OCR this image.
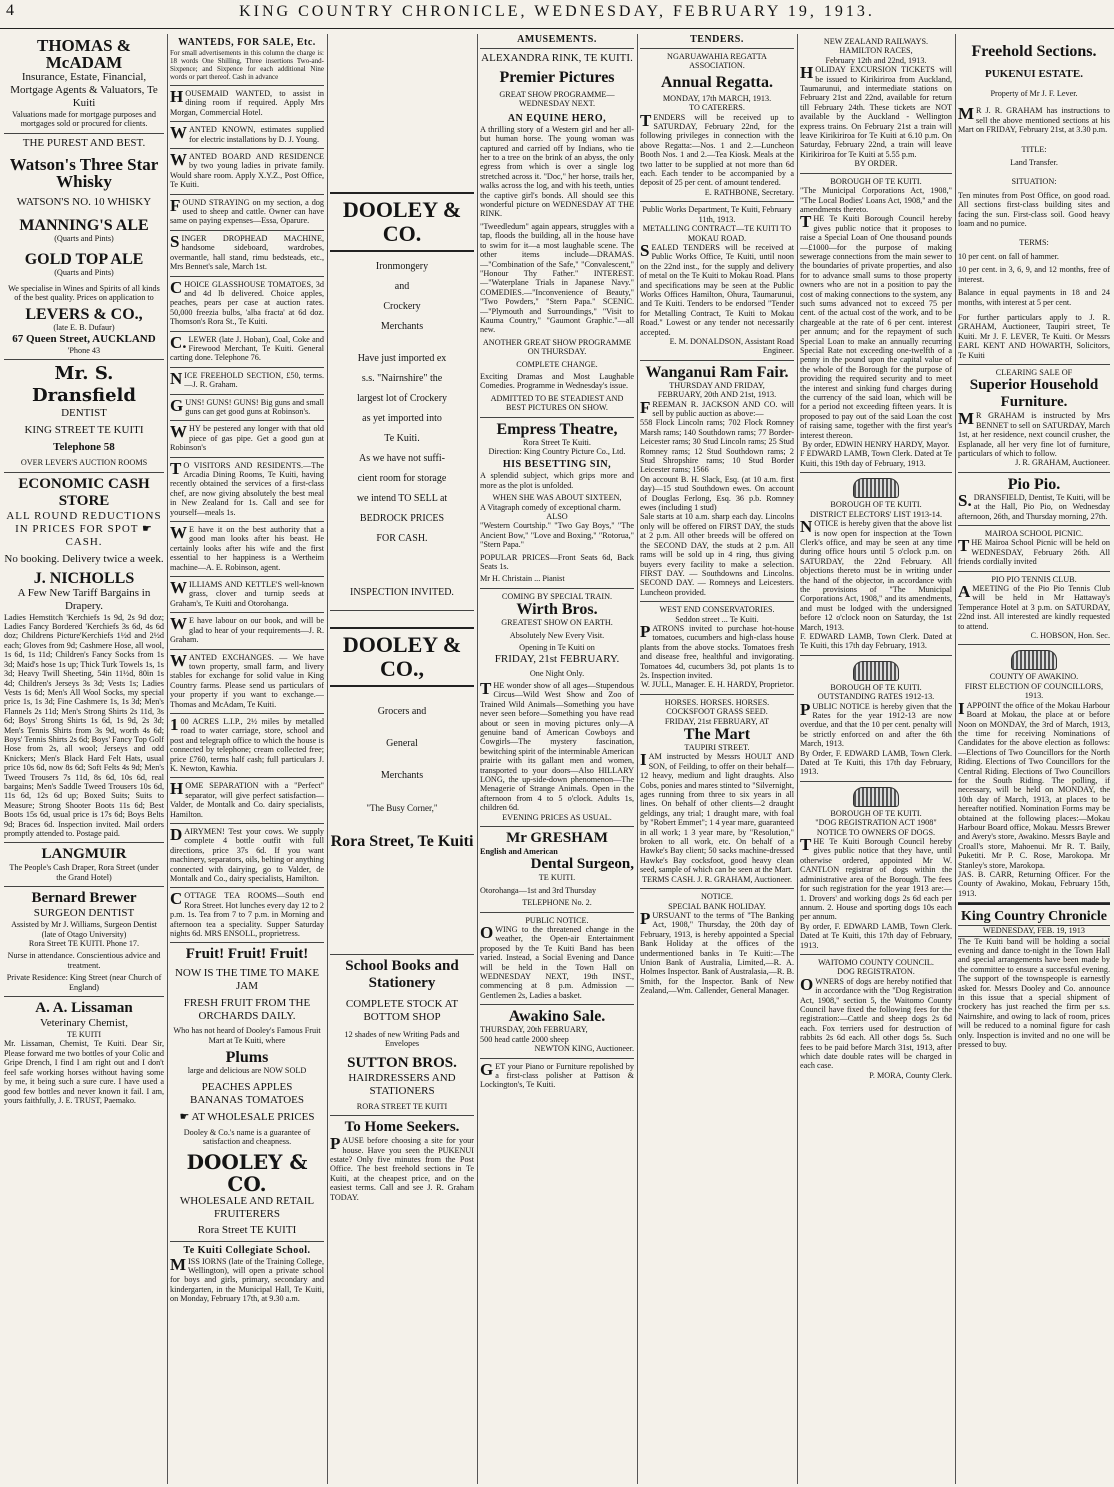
4	KING COUNTRY CHRONICLE, WEDNESDAY, FEBRUARY 19, 1913.
THOMAS & McADAM
Insurance, Estate, Financial, Mortgage Agents & Valuators, Te Kuiti
Valuations made for mortgage purposes and mortgages sold or procured for clients.
THE PUREST AND BEST.
Watson's Three Star Whisky
WATSON'S NO. 10 WHISKY
MANNING'S ALE
(Quarts and Pints)
GOLD TOP ALE
(Quarts and Pints)
We specialise in Wines and Spirits of all kinds of the best quality. Prices on application to
LEVERS & CO.,
(late E. B. Dufaur)
67 Queen Street, AUCKLAND
'Phone 43
Mr. S. Dransfield
DENTIST
KING STREET TE KUITI
Telephone 58
OVER LEVER'S AUCTION ROOMS
ECONOMIC CASH STORE
ALL ROUND REDUCTIONS IN PRICES FOR SPOT ☛ CASH.
No booking. Delivery twice a week.
J. NICHOLLS
A Few New Tariff Bargains in Drapery.
Ladies Hemstitch 'Kerchiefs 1s 9d, 2s 9d doz; Ladies Fancy Bordered 'Kerchiefs 3s 6d, 4s 6d doz; Childrens Picture'Kerchiefs 1½d and 2½d each; Gloves from 9d; Cashmere Hose, all wool, 1s 6d, 1s 11d; Children's Fancy Socks from 1s 3d; Maid's hose 1s up; Thick Turk Towels 1s, 1s 3d; Heavy Twill Sheeting, 54in 11½d, 80in 1s 4d; Children's Jerseys 3s 3d; Vests 1s; Ladies Vests 1s 6d; Men's All Wool Socks, my special price 1s, 1s 3d; Fine Cashmere 1s, 1s 3d; Men's Flannels 2s 11d; Men's Strong Shirts 2s 11d, 3s 6d; Boys' Strong Shirts 1s 6d, 1s 9d, 2s 3d; Men's Tennis Shirts from 3s 9d, worth 4s 6d; Boys' Tennis Shirts 2s 6d; Boys' Fancy Top Golf Hose from 2s, all wool; Jerseys and odd Knickers; Men's Black Hard Felt Hats, usual price 10s 6d, now 8s 6d; Soft Felts 4s 9d; Men's Tweed Trousers 7s 11d, 8s 6d, 10s 6d, real bargains; Men's Saddle Tweed Trousers 10s 6d, 11s 6d, 12s 6d up; Boxed Suits; Suits to Measure; Strong Shooter Boots 11s 6d; Best Boots 15s 6d, usual price is 17s 6d; Boys Belts 9d; Braces 6d. Inspection invited. Mail orders promptly attended to. Postage paid.
LANGMUIR
The People's Cash Draper, Rora Street (under the Grand Hotel)
Bernard Brewer
SURGEON DENTIST
Assisted by Mr J. Williams, Surgeon Dentist (late of Otago University)
Rora Street TE KUITI. Phone 17.
Nurse in attendance. Conscientious advice and treatment.
Private Residence: King Street (near Church of England)
A. A. Lissaman
Veterinary Chemist,
TE KUITI
Mr. Lissaman, Chemist, Te Kuiti. Dear Sir, Please forward me two bottles of your Colic and Gripe Drench, I find I am right out and I don't feel safe working horses without having some by me, it being such a sure cure. I have used a good few bottles and never known it fail. I am, yours faithfully, J. E. TRUST, Paemako.
WANTEDS, FOR SALE, Etc.
For small advertisements in this column the charge is: 18 words One Shilling, Three insertions Two-and-Sixpence; and Sixpence for each additional Nine words or part thereof. Cash in advance
HOUSEMAID WANTED, to assist in dining room if required. Apply Mrs Morgan, Commercial Hotel.
WANTED KNOWN, estimates supplied for electric installations by D. J. Young.
WANTED BOARD AND RESIDENCE by two young ladies in private family. Would share room. Apply X.Y.Z., Post Office, Te Kuiti.
FOUND STRAYING on my section, a dog used to sheep and cattle. Owner can have same on paying expenses—Essa, Oparure.
SINGER DROPHEAD MACHINE, handsome sideboard, wardrobes, overmantle, hall stand, rimu bedsteads, etc., Mrs Bennet's sale, March 1st.
CHOICE GLASSHOUSE TOMATOES, 3d and 4d lb delivered. Choice apples, peaches, pears per case at auction rates. 50,000 freezia bulbs, 'alba fracta' at 6d doz. Thomson's Rora St., Te Kuiti.
C.LEWER (late J. Hoban), Coal, Coke and Firewood Merchant, Te Kuiti. General carting done. Telephone 76.
NICE FREEHOLD SECTION, £50, terms.—J. R. Graham.
GUNS! GUNS! GUNS! Big guns and small guns can get good guns at Robinson's.
WHY be pestered any longer with that old piece of gas pipe. Get a good gun at Robinson's
TO VISITORS AND RESIDENTS.—The Arcadia Dining Rooms, Te Kuiti, having recently obtained the services of a first-class chef, are now giving absolutely the best meal in New Zealand for 1s. Call and see for yourself—meals 1s.
WE have it on the best authority that a good man looks after his beast. He certainly looks after his wife and the first essential to her happiness is a Wertheim machine—A. E. Robinson, agent.
WILLIAMS AND KETTLE'S well-known grass, clover and turnip seeds at Graham's, Te Kuiti and Otorohanga.
WE have labour on our book, and will be glad to hear of your requirements—J. R. Graham.
WANTED EXCHANGES. — We have town property, small farm, and livery stables for exchange for solid value in King Country farms. Please send us particulars of your property if you want to exchange.—Thomas and McAdam, Te Kuiti.
100 ACRES L.I.P., 2½ miles by metalled road to water carriage, store, school and post and telegraph office to which the house is connected by telephone; cream collected free; price £760, terms half cash; full particulars J. K. Newton, Kawhia.
HOME SEPARATION with a "Perfect" separator, will give perfect satisfaction—Valder, de Montalk and Co. dairy specialists, Hamilton.
DAIRYMEN! Test your cows. We supply complete 4 bottle outfit with full directions, price 37s 6d. If you want machinery, separators, oils, belting or anything connected with dairying, go to Valder, de Montalk and Co., dairy specialists, Hamilton.
COTTAGE TEA ROOMS—South end Rora Street. Hot lunches every day 12 to 2 p.m. 1s. Tea from 7 to 7 p.m. in Morning and afternoon tea a speciality. Supper Saturday nights 6d. MRS ENSOLL, proprietress.
Fruit! Fruit! Fruit!
NOW IS THE TIME TO MAKE JAM
FRESH FRUIT FROM THE ORCHARDS DAILY.
Who has not heard of Dooley's Famous Fruit Mart at Te Kuiti, where
Plums
large and delicious are NOW SOLD
PEACHES APPLES
BANANAS TOMATOES
☛ AT WHOLESALE PRICES
Dooley & Co.'s name is a guarantee of satisfaction and cheapness.
DOOLEY & CO.
WHOLESALE AND RETAIL FRUITERERS
Rora Street TE KUITI
Te Kuiti Collegiate School.
MISS IORNS (late of the Training College, Wellington), will open a private school for boys and girls, primary, secondary and kindergarten, in the Municipal Hall, Te Kuiti, on Monday, February 17th, at 9.30 a.m.
DOOLEY & CO.
Ironmongery
and
Crockery
Merchants
Have just imported ex
s.s. "Nairnshire" the
largest lot of Crockery
as yet imported into
Te Kuiti.
As we have not suffi-
cient room for storage
we intend TO SELL at
BEDROCK PRICES
FOR CASH.
INSPECTION INVITED.
DOOLEY & CO.,
Grocers and
General
Merchants
"The Busy Corner,"
Rora Street, Te Kuiti
School Books and Stationery
COMPLETE STOCK AT BOTTOM SHOP
12 shades of new Writing Pads and Envelopes
SUTTON BROS.
HAIRDRESSERS AND STATIONERS
RORA STREET TE KUITI
To Home Seekers.
PAUSE before choosing a site for your house. Have you seen the PUKENUI estate? Only five minutes from the Post Office. The best freehold sections in Te Kuiti, at the cheapest price, and on the easiest terms. Call and see J. R. Graham TODAY.
AMUSEMENTS.
ALEXANDRA RINK, TE KUITI.
Premier Pictures
GREAT SHOW PROGRAMME—WEDNESDAY NEXT.
AN EQUINE HERO,
A thrilling story of a Western girl and her all-but human horse. The young woman was captured and carried off by Indians, who tie her to a tree on the brink of an abyss, the only egress from which is over a single log stretched across it. "Doc," her horse, trails her, walks across the log, and with his teeth, unties the captive girl's bonds. All should see this wonderful picture on WEDNESDAY AT THE RINK.
"Tweedledum" again appears, struggles with a tap, floods the building, all in the house have to swim for it—a most laughable scene. The other items include—DRAMAS.—"Combination of the Safe," "Convalescent," "Honour Thy Father." INTEREST.—"Waterplane Trials in Japanese Navy." COMEDIES.—"Inconvenience of Beauty," "Two Powders," "Stern Papa." SCENIC.—"Plymouth and Surroundings," "Visit to Kauma Country," "Gaumont Graphic."—all new.
ANOTHER GREAT SHOW PROGRAMME ON THURSDAY.
COMPLETE CHANGE.
Exciting Dramas and Most Laughable Comedies. Programme in Wednesday's issue.
ADMITTED TO BE STEADIEST AND BEST PICTURES ON SHOW.
Empress Theatre,
Rora Street Te Kuiti.
Direction: King Country Picture Co., Ltd.
HIS BESETTING SIN,
A splendid subject, which grips more and more as the plot is unfolded.
WHEN SHE WAS ABOUT SIXTEEN,
A Vitagraph comedy of exceptional charm.
ALSO
"Western Courtship." "Two Gay Boys," "The Ancient Bow," "Love and Boxing," "Rotorua," "Stern Papa."
POPULAR PRICES—Front Seats 6d, Back Seats 1s.
Mr H. Christain ... Pianist
COMING BY SPECIAL TRAIN.
Wirth Bros.
GREATEST SHOW ON EARTH.
Absolutely New Every Visit.
Opening in Te Kuiti on
FRIDAY, 21st FEBRUARY.
One Night Only.
THE wonder show of all ages—Stupendous Circus—Wild West Show and Zoo of Trained Wild Animals—Something you have never seen before—Something you have read about or seen in moving pictures only—A genuine band of American Cowboys and Cowgirls—The mystery fascination, bewitching spirit of the interminable American prairie with its gallant men and women, transported to your doors—Also HILLARY LONG, the up-side-down phenomenon—The Menagerie of Strange Animals. Open in the afternoon from 4 to 5 o'clock. Adults 1s, children 6d.
EVENING PRICES AS USUAL.
Mr GRESHAM
English and American
Dental Surgeon,
TE KUITI.
Otorohanga—1st and 3rd Thursday
TELEPHONE No. 2.
PUBLIC NOTICE.
OWING to the threatened change in the weather, the Open-air Entertainment proposed by the Te Kuiti Band has been varied. Instead, a Social Evening and Dance will be held in the Town Hall on WEDNESDAY NEXT, 19th INST., commencing at 8 p.m. Admission — Gentlemen 2s, Ladies a basket.
Awakino Sale.
THURSDAY, 20th FEBRUARY,
500 head cattle 2000 sheep
NEWTON KING, Auctioneer.
GET your Piano or Furniture repolished by a first-class polisher at Pattison & Lockington's, Te Kuiti.
TENDERS.
NGARUAWAHIA REGATTA ASSOCIATION.
Annual Regatta.
MONDAY, 17th MARCH, 1913.
TO CATERERS.
TENDERS will be received up to SATURDAY, February 22nd, for the following privileges in connection with the above Regatta:—Nos. 1 and 2.—Luncheon Booth Nos. 1 and 2.—Tea Kiosk. Meals at the two latter to be supplied at not more than 6d each. Each tender to be accompanied by a deposit of 25 per cent. of amount tendered.
E. RATHBONE, Secretary.
Public Works Department, Te Kuiti, February 11th, 1913.
METALLING CONTRACT—TE KUITI TO MOKAU ROAD.
SEALED TENDERS will be received at Public Works Office, Te Kuiti, until noon on the 22nd inst., for the supply and delivery of metal on the Te Kuiti to Mokau Road. Plans and specifications may be seen at the Public Works Offices Hamilton, Ohura, Taumarunui, and Te Kuiti. Tenders to be endorsed "Tender for Metalling Contract, Te Kuiti to Mokau Road." Lowest or any tender not necessarily accepted.
E. M. DONALDSON, Assistant Road Engineer.
Wanganui Ram Fair.
THURSDAY AND FRIDAY,
FEBRUARY, 20th AND 21st, 1913.
FREEMAN R. JACKSON AND CO. will sell by public auction as above:—
558 Flock Lincoln rams; 702 Flock Romney Marsh rams; 140 Southdown rams; 77 Border-Leicester rams; 30 Stud Lincoln rams; 25 Stud Romney rams; 12 Stud Southdown rams; 2 Stud Shropshire rams; 10 Stud Border Leicester rams; 1566
On account B. H. Slack, Esq. (at 10 a.m. first day)—15 stud Southdown ewes. On account of Douglas Ferlong, Esq. 36 p.b. Romney ewes (including 1 stud)
Sale starts at 10 a.m. sharp each day. Lincolns only will be offered on FIRST DAY, the studs at 2 p.m. All other breeds will be offered on the SECOND DAY, the studs at 2 p.m. All rams will be sold up in 4 ring, thus giving buyers every facility to make a selection. FIRST DAY. — Southdowns and Lincolns. SECOND DAY. — Romneys and Leicesters. Luncheon provided.
WEST END CONSERVATORIES.
Seddon street ... Te Kuiti.
PATRONS invited to purchase hot-house tomatoes, cucumbers and high-class house plants from the above stocks. Tomatoes fresh and disease free, healthful and invigorating. Tomatoes 4d, cucumbers 3d, pot plants 1s to 2s. Inspection invited.
W. JULL, Manager. E. H. HARDY, Proprietor.
HORSES. HORSES. HORSES.
COCKSFOOT GRASS SEED.
FRIDAY, 21st FEBRUARY, AT
The Mart
TAUPIRI STREET.
IAM instructed by Messrs HOULT AND SON, of Feilding, to offer on their behalf—12 heavy, medium and light draughts. Also Cobs, ponies and mares stinted to "Silvernight, ages running from three to six years in all lines. On behalf of other clients—2 draught geldings, any trial; 1 draught mare, with foal by "Robert Emmet"; 1 4 year mare, guaranteed in all work; 1 3 year mare, by "Resolution," broken to all work, etc. On behalf of a Hawke's Bay client; 50 sacks machine-dressed Hawke's Bay cocksfoot, good heavy clean seed, sample of which can be seen at the Mart.
TERMS CASH. J. R. GRAHAM, Auctioneer.
NOTICE.
SPECIAL BANK HOLIDAY.
PURSUANT to the terms of "The Banking Act, 1908," Thursday, the 20th day of February, 1913, is hereby appointed a Special Bank Holiday at the offices of the undermentioned banks in Te Kuiti:—The Union Bank of Australia, Limited,—R. A. Holmes Inspector. Bank of Australasia,—R. B. Smith, for the Inspector. Bank of New Zealand,—Wm. Callender, General Manager.
NEW ZEALAND RAILWAYS.
HAMILTON RACES,
February 12th and 22nd, 1913.
HOLIDAY EXCURSION TICKETS will be issued to Kirikiriroa from Auckland, Taumarunui, and intermediate stations on February 21st and 22nd, available for return till February 24th. These tickets are NOT available by the Auckland - Wellington express trains. On February 21st a train will leave Kirikiriroa for Te Kuiti at 6.10 p.m. On Saturday, February 22nd, a train will leave Kirikiriroa for Te Kuiti at 5.55 p.m.
BY ORDER.
BOROUGH OF TE KUITI.
"The Municipal Corporations Act, 1908," "The Local Bodies' Loans Act, 1908," and the amendments thereto.
THE Te Kuiti Borough Council hereby gives public notice that it proposes to raise a Special Loan of One thousand pounds—£1000—for the purpose of making sewerage connections from the main sewer to the boundaries of private properties, and also for to advance small sums to those property owners who are not in a position to pay the cost of making connections to the system, any such sums advanced not to exceed 75 per cent. of the actual cost of the work, and to be chargeable at the rate of 6 per cent. interest per annum; and for the repayment of such Special Loan to make an annually recurring Special Rate not exceeding one-twelfth of a penny in the pound upon the capital value of the whole of the Borough for the purpose of providing the required security and to meet the interest and sinking fund charges during the currency of the said loan, which will be for a period not exceeding fifteen years. It is proposed to pay out of the said Loan the cost of raising same, together with the first year's interest thereon.
By order, EDWIN HENRY HARDY, Mayor.
F EDWARD LAMB, Town Clerk. Dated at Te Kuiti, this 19th day of February, 1913.
BOROUGH OF TE KUITI.
DISTRICT ELECTORS' LIST 1913-14.
NOTICE is hereby given that the above list is now open for inspection at the Town Clerk's office, and may be seen at any time during office hours until 5 o'clock p.m. on SATURDAY, the 22nd February. All objections thereto must be in writing under the hand of the objector, in accordance with the provisions of "The Municipal Corporations Act, 1908," and its amendments, and must be lodged with the undersigned before 12 o'clock noon on Saturday, the 1st March, 1913.
F. EDWARD LAMB, Town Clerk. Dated at Te Kuiti, this 17th day February, 1913.
BOROUGH OF TE KUITI.
OUTSTANDING RATES 1912-13.
PUBLIC NOTICE is hereby given that the Rates for the year 1912-13 are now overdue, and that the 10 per cent. penalty will be strictly enforced on and after the 6th March, 1913.
By Order, F. EDWARD LAMB, Town Clerk. Dated at Te Kuiti, this 17th day February, 1913.
BOROUGH OF TE KUITI.
"DOG REGISTRATION ACT 1908"
NOTICE TO OWNERS OF DOGS.
THE Te Kuiti Borough Council hereby gives public notice that they have, until otherwise ordered, appointed Mr W. CANTLON registrar of dogs within the administrative area of the Borough. The fees for such registration for the year 1913 are:—1. Drovers' and working dogs 2s 6d each per annum. 2. House and sporting dogs 10s each per annum.
By order, F. EDWARD LAMB, Town Clerk. Dated at Te Kuiti, this 17th day of February, 1913.
WAITOMO COUNTY COUNCIL.
DOG REGISTRATON.
OWNERS of dogs are hereby notified that in accordance with the "Dog Registration Act, 1908," section 5, the Waitomo County Council have fixed the following fees for the registration:—Cattle and sheep dogs 2s 6d each. Fox terriers used for destruction of rabbits 2s 6d each. All other dogs 5s. Such fees to be paid before March 31st, 1913, after which date double rates will be charged in each case.
P. MORA, County Clerk.
Freehold Sections.
PUKENUI ESTATE.
Property of Mr J. F. Lever.
MR J. R. GRAHAM has instructions to sell the above mentioned sections at his Mart on FRIDAY, February 21st, at 3.30 p.m.
TITLE:
Land Transfer.
SITUATION:
Ten minutes from Post Office, on good road. All sections first-class building sites and facing the sun. First-class soil. Good heavy loam and no pumice.
TERMS:
10 per cent. on fall of hammer.
10 per cent. in 3, 6, 9, and 12 months, free of interest.
Balance in equal payments in 18 and 24 months, with interest at 5 per cent.
For further particulars apply to J. R. GRAHAM, Auctioneer, Taupiri street, Te Kuiti. Mr J. F. LEVER, Te Kuiti. Or Messrs EARL KENT AND HOWARTH, Solicitors, Te Kuiti
CLEARING SALE OF
Superior Household Furniture.
MR GRAHAM is instructed by Mrs BENNET to sell on SATURDAY, March 1st, at her residence, next council crusher, the Esplanade, all her very fine lot of furniture, particulars of which to follow.
J. R. GRAHAM, Auctioneer.
Pio Pio.
S.DRANSFIELD, Dentist, Te Kuiti, will be at the Hall, Pio Pio, on Wednesday afternoon, 26th, and Thursday morning, 27th.
MAIROA SCHOOL PICNIC.
THE Mairoa School Picnic will be held on WEDNESDAY, February 26th. All friends cordially invited
PIO PIO TENNIS CLUB.
AMEETING of the Pio Pio Tennis Club will be held in Mr Hattaway's Temperance Hotel at 3 p.m. on SATURDAY, 22nd inst. All interested are kindly requested to attend.
C. HOBSON, Hon. Sec.
COUNTY OF AWAKINO.
FIRST ELECTION OF COUNCILLORS, 1913.
IAPPOINT the office of the Mokau Harbour Board at Mokau, the place at or before Noon on MONDAY, the 3rd of March, 1913, the time for receiving Nominations of Candidates for the above election as follows:—Elections of Two Councillors for the North Riding. Elections of Two Councillors for the Central Riding. Elections of Two Councillors for the South Riding. The polling, if necessary, will be held on MONDAY, the 10th day of March, 1913, at places to be hereafter notified. Nomination Forms may be obtained at the following places:—Mokau Harbour Board office, Mokau. Messrs Brewer and Avery's store, Awakino. Messrs Bayle and Croall's store, Mahoenui. Mr R. T. Baily, Puketiti. Mr P. C. Rose, Marokopa. Mr Stanley's store, Marokopa.
JAS. B. CARR, Returning Officer. For the County of Awakino, Mokau, February 15th, 1913.
King Country Chronicle
WEDNESDAY, FEB. 19, 1913
The Te Kuiti band will be holding a social evening and dance to-night in the Town Hall and special arrangements have been made by the committee to ensure a successful evening. The support of the townspeople is earnestly asked for. Messrs Dooley and Co. announce in this issue that a special shipment of crockery has just reached the firm per s.s. Nairnshire, and owing to lack of room, prices will be reduced to a nominal figure for cash only. Inspection is invited and no one will be pressed to buy.
